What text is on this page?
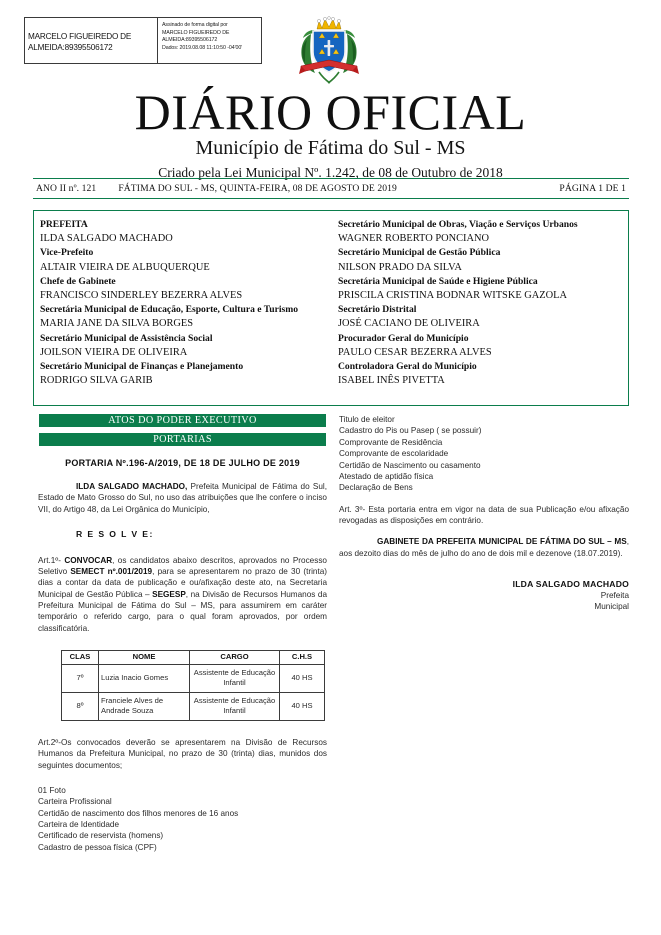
MARCELO FIGUEIREDO DE ALMEIDA:89395506172
Assinado de forma digital por
MARCELO FIGUEIREDO DE
ALMEIDA:89395506172
Dados: 2019.08.08 11:10:50 -04'00'
DIÁRIO OFICIAL
Município de Fátima do Sul - MS
Criado pela Lei Municipal Nº. 1.242, de 08 de Outubro de 2018
ANO II nº. 121 FÁTIMA DO SUL - MS, QUINTA-FEIRA, 08 DE AGOSTO DE 2019	PÁGINA 1 DE 1
PREFEITA
ILDA SALGADO MACHADO
Vice-Prefeito
ALTAIR VIEIRA DE ALBUQUERQUE
Chefe de Gabinete
FRANCISCO SINDERLEY BEZERRA ALVES
Secretária Municipal de Educação, Esporte, Cultura e Turismo
MARIA JANE DA SILVA BORGES
Secretário Municipal de Assistência Social
JOILSON VIEIRA DE OLIVEIRA
Secretário Municipal de Finanças e Planejamento
RODRIGO SILVA GARIB
Secretário Municipal de Obras, Viação e Serviços Urbanos
WAGNER ROBERTO PONCIANO
Secretário Municipal de Gestão Pública
NILSON PRADO DA SILVA
Secretária Municipal de Saúde e Higiene Pública
PRISCILA CRISTINA BODNAR WITSKE GAZOLA
Secretário Distrital
JOSÉ CACIANO DE OLIVEIRA
Procurador Geral do Município
PAULO CESAR BEZERRA ALVES
Controladora Geral do Município
ISABEL INÊS PIVETTA
ATOS DO PODER EXECUTIVO
PORTARIAS
PORTARIA Nº.196-A/2019, DE 18 DE JULHO DE 2019
ILDA SALGADO MACHADO, Prefeita Municipal de Fátima do Sul, Estado de Mato Grosso do Sul, no uso das atribuições que lhe confere o inciso VII, do Artigo 48, da Lei Orgânica do Município,
R E S O L V E:
Art.1º- CONVOCAR, os candidatos abaixo descritos, aprovados no Processo Seletivo SEMECT nº.001/2019, para se apresentarem no prazo de 30 (trinta) dias a contar da data de publicação e ou/afixação deste ato, na Secretaria Municipal de Gestão Pública – SEGESP, na Divisão de Recursos Humanos da Prefeitura Municipal de Fátima do Sul – MS, para assumirem em caráter temporário o referido cargo, para o qual foram aprovados, por ordem classificatória.
CLAS	NOME	CARGO	C.H.S
7º	Luzia Inacio Gomes	Assistente de Educação Infantil	40 HS
8º	Franciele Alves de Andrade Souza	Assistente de Educação Infantil	40 HS
Art.2º-Os convocados deverão se apresentarem na Divisão de Recursos Humanos da Prefeitura Municipal, no prazo de 30 (trinta) dias, munidos dos seguintes documentos;
01 Foto
Carteira Profissional
Certidão de nascimento dos filhos menores de 16 anos
Carteira de Identidade
Certificado de reservista (homens)
Cadastro de pessoa física (CPF)
Titulo de eleitor
Cadastro do Pis ou Pasep ( se possuir)
Comprovante de Residência
Comprovante de escolaridade
Certidão de Nascimento ou casamento
Atestado de aptidão física
Declaração de Bens
Art. 3º- Esta portaria entra em vigor na data de sua Publicação e/ou afixação revogadas as disposições em contrário.
GABINETE DA PREFEITA MUNICIPAL DE FÁTIMA DO SUL – MS, aos dezoito dias do mês de julho do ano de dois mil e dezenove (18.07.2019).
ILDA SALGADO MACHADO
Prefeita
Municipal
